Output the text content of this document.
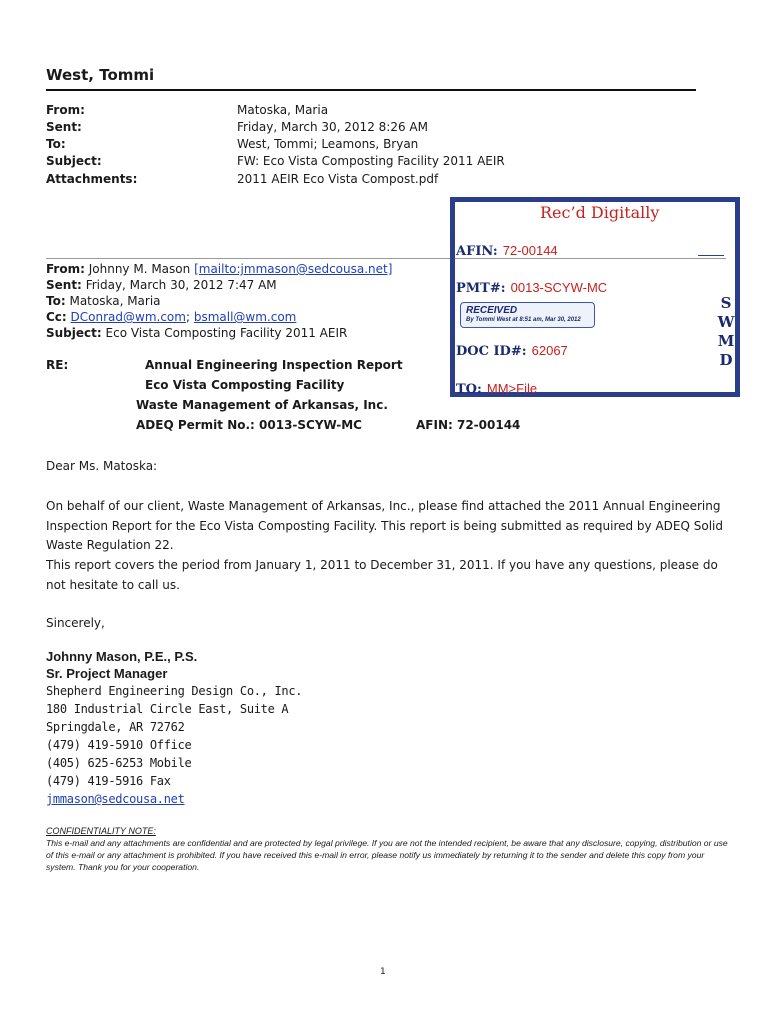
West, Tommi
From:	Matoska, Maria
Sent:	Friday, March 30, 2012 8:26 AM
To:	West, Tommi; Leamons, Bryan
Subject:	FW: Eco Vista Composting Facility 2011 AEIR
Attachments:	2011 AEIR Eco Vista Compost.pdf
From: Johnny M. Mason [mailto:jmmason@sedcousa.net]
Sent: Friday, March 30, 2012 7:47 AM
To: Matoska, Maria
Cc: DConrad@wm.com; bsmall@wm.com
Subject: Eco Vista Composting Facility 2011 AEIR
Rec’d Digitally
AFIN: 72-00144
PMT#: 0013-SCYW-MC
RECEIVED
By Tommi West at 8:51 am, Mar 30, 2012
DOC ID#: 62067
TO: MM>File
S
W
M
D
RE:	Annual Engineering Inspection Report
Eco Vista Composting Facility
Waste Management of Arkansas, Inc.
ADEQ Permit No.: 0013-SCYW-MC	AFIN: 72-00144
Dear Ms. Matoska:
On behalf of our client, Waste Management of Arkansas, Inc., please find attached the 2011 Annual Engineering Inspection Report for the Eco Vista Composting Facility. This report is being submitted as required by ADEQ Solid Waste Regulation 22.
This report covers the period from January 1, 2011 to December 31, 2011. If you have any questions, please do not hesitate to call us.
Sincerely,
Johnny Mason, P.E., P.S.
Sr. Project Manager
Shepherd Engineering Design Co., Inc.
180 Industrial Circle East, Suite A
Springdale, AR 72762
(479) 419-5910 Office
(405) 625-6253 Mobile
(479) 419-5916 Fax
jmmason@sedcousa.net
CONFIDENTIALITY NOTE:
This e-mail and any attachments are confidential and are protected by legal privilege. If you are not the intended recipient, be aware that any disclosure, copying, distribution or use of this e-mail or any attachment is prohibited. If you have received this e-mail in error, please notify us immediately by returning it to the sender and delete this copy from your system. Thank you for your cooperation.
1
